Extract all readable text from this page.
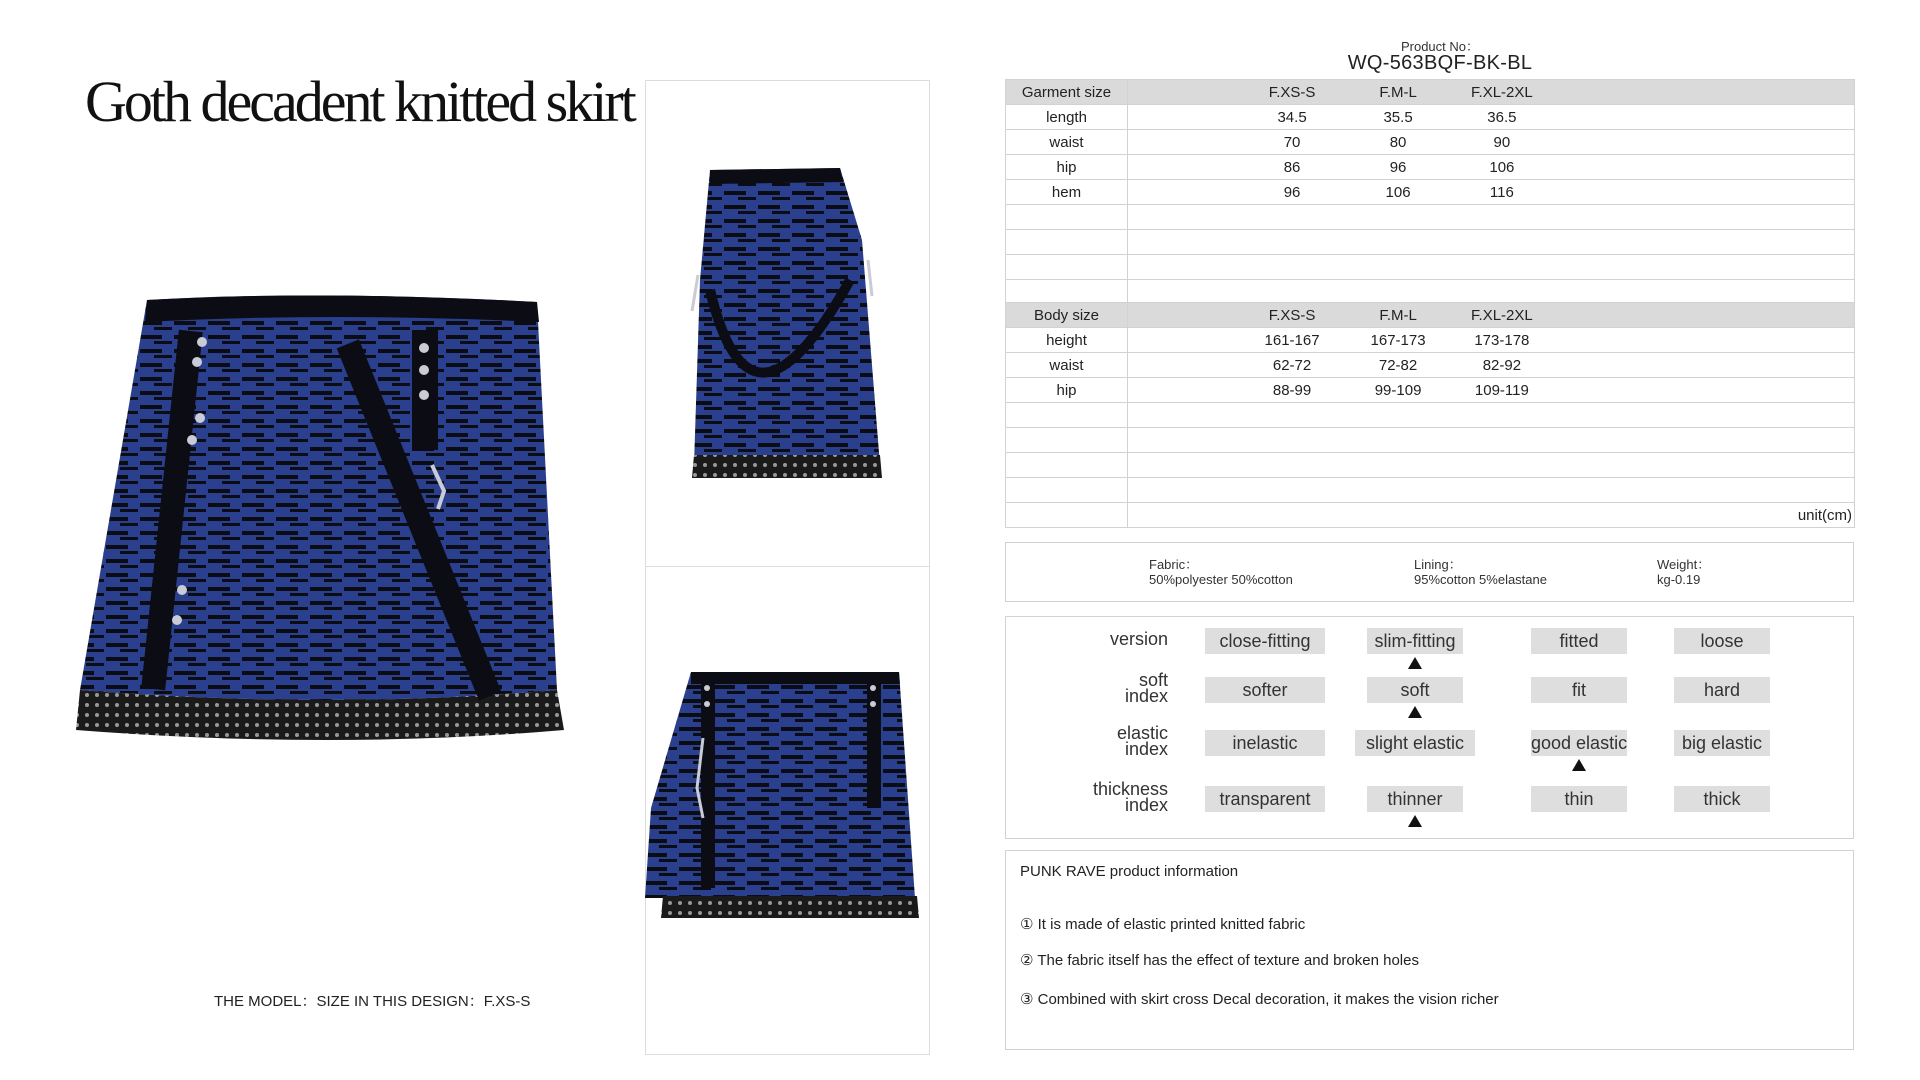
Goth decadent knitted skirt
THE MODEL：SIZE IN THIS DESIGN：F.XS-S
Product No：
WQ-563BQF-BK-BL
Garment size	F.XS-S F.M-L F.XL-2XL

length	34.5 35.5 36.5

waist	70 80 90

hip	86 96 106

hem	96 106 116

Body size	F.XS-S F.M-L F.XL-2XL

height	161-167 167-173 173-178

waist	62-72 72-82 82-92

hip	88-99 99-109 109-119

	unit(cm)
Fabric：
50%polyester 50%cotton
Lining：
95%cotton 5%elastane
Weight：
kg-0.19
version	close-fitting	slim-fitting	fitted	loose
soft
index	softer	soft	fit	hard
elastic
index	inelastic	slight elastic	good elastic	big elastic
thickness
index	transparent	thinner	thin	thick
PUNK RAVE product information
① It is made of elastic printed knitted fabric
② The fabric itself has the effect of texture and broken holes
③ Combined with skirt cross Decal decoration, it makes the vision richer
